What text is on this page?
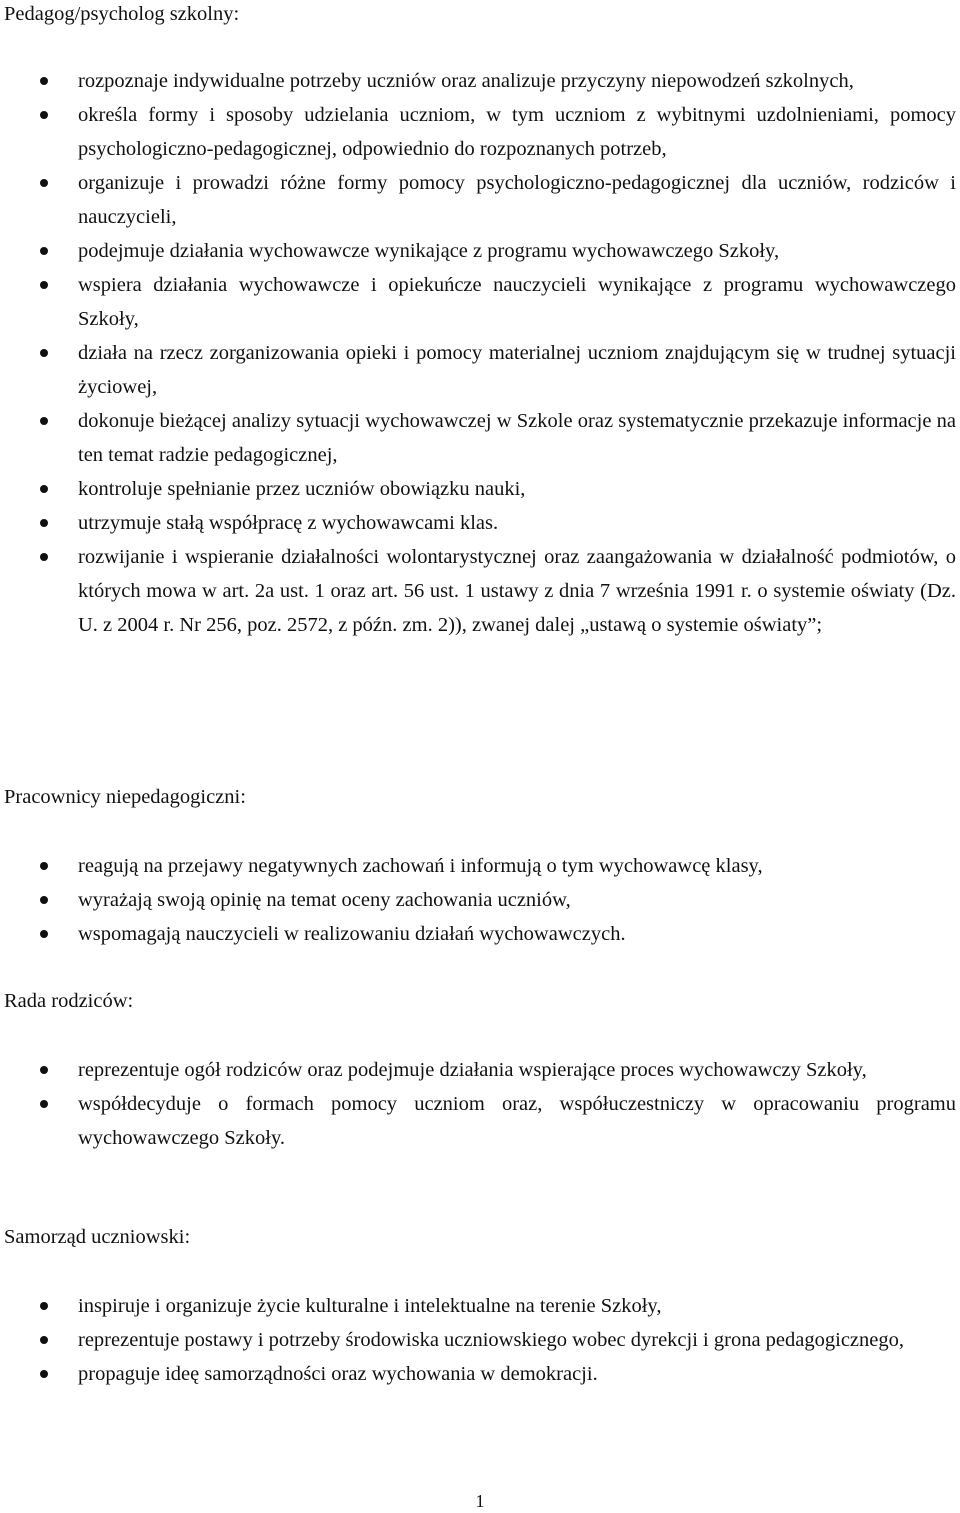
Pedagog/psycholog szkolny:
rozpoznaje indywidualne potrzeby uczniów oraz analizuje przyczyny niepowodzeń szkolnych,
określa formy i sposoby udzielania uczniom, w tym uczniom z wybitnymi uzdolnieniami, pomocy psychologiczno-pedagogicznej, odpowiednio do rozpoznanych potrzeb,
organizuje i prowadzi różne formy pomocy psychologiczno-pedagogicznej dla uczniów, rodziców i nauczycieli,
podejmuje działania wychowawcze wynikające z programu wychowawczego Szkoły,
wspiera działania wychowawcze i opiekuńcze nauczycieli wynikające z programu wychowawczego Szkoły,
działa na rzecz zorganizowania opieki i pomocy materialnej uczniom znajdującym się w trudnej sytuacji życiowej,
dokonuje bieżącej analizy sytuacji wychowawczej w Szkole oraz systematycznie przekazuje informacje na ten temat radzie pedagogicznej,
kontroluje spełnianie przez uczniów obowiązku nauki,
utrzymuje stałą współpracę z wychowawcami klas.
rozwijanie i wspieranie działalności wolontarystycznej oraz zaangażowania w działalność podmiotów, o których mowa w art. 2a ust. 1 oraz art. 56 ust. 1 ustawy z dnia 7 września 1991 r. o systemie oświaty (Dz. U. z 2004 r. Nr 256, poz. 2572, z późn. zm. 2)), zwanej dalej „ustawą o systemie oświaty”;
Pracownicy niepedagogiczni:
reagują na przejawy negatywnych zachowań i informują o tym wychowawcę klasy,
wyrażają swoją opinię na temat oceny zachowania uczniów,
wspomagają nauczycieli w realizowaniu działań wychowawczych.
Rada rodziców:
reprezentuje ogół rodziców oraz podejmuje działania wspierające proces wychowawczy Szkoły,
współdecyduje o formach pomocy uczniom oraz, współuczestniczy w opracowaniu programu wychowawczego Szkoły.
Samorząd uczniowski:
inspiruje i organizuje życie kulturalne i intelektualne na terenie Szkoły,
reprezentuje postawy i potrzeby środowiska uczniowskiego wobec dyrekcji i grona pedagogicznego,
propaguje ideę samorządności oraz wychowania w demokracji.
1
